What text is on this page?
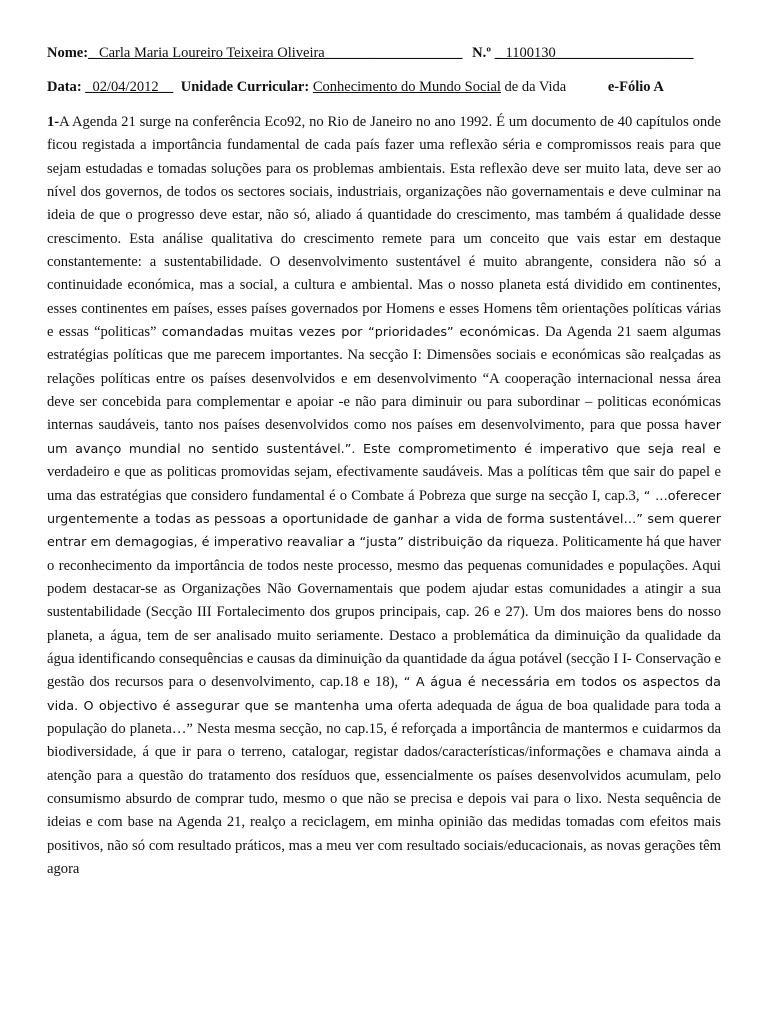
Nome:_ Carla Maria Loureiro Teixeira Oliveira___________________ N.º _ 1100130___________________
Data: _02/04/2012__ Unidade Curricular: Conhecimento do Mundo Social de da Vida	e-Fólio A
1-A Agenda 21 surge na conferência Eco92, no Rio de Janeiro no ano 1992. É um documento de 40 capítulos onde ficou registada a importância fundamental de cada país fazer uma reflexão séria e compromissos reais para que sejam estudadas e tomadas soluções para os problemas ambientais. Esta reflexão deve ser muito lata, deve ser ao nível dos governos, de todos os sectores sociais, industriais, organizações não governamentais e deve culminar na ideia de que o progresso deve estar, não só, aliado á quantidade do crescimento, mas também á qualidade desse crescimento. Esta análise qualitativa do crescimento remete para um conceito que vais estar em destaque constantemente: a sustentabilidade. O desenvolvimento sustentável é muito abrangente, considera não só a continuidade económica, mas a social, a cultura e ambiental. Mas o nosso planeta está dividido em continentes, esses continentes em países, esses países governados por Homens e esses Homens têm orientações políticas várias e essas “politicas” comandadas muitas vezes por “prioridades” económicas. Da Agenda 21 saem algumas estratégias políticas que me parecem importantes. Na secção I: Dimensões sociais e económicas são realçadas as relações políticas entre os países desenvolvidos e em desenvolvimento “A cooperação internacional nessa área deve ser concebida para complementar e apoiar -e não para diminuir ou para subordinar – politicas económicas internas saudáveis, tanto nos países desenvolvidos como nos países em desenvolvimento, para que possa haver um avanço mundial no sentido sustentável.”. Este comprometimento é imperativo que seja real e verdadeiro e que as politicas promovidas sejam, efectivamente saudáveis. Mas a políticas têm que sair do papel e uma das estratégias que considero fundamental é o Combate á Pobreza que surge na secção I, cap.3, “ …oferecer urgentemente a todas as pessoas a oportunidade de ganhar a vida de forma sustentável…” sem querer entrar em demagogias, é imperativo reavaliar a “justa” distribuição da riqueza. Politicamente há que haver o reconhecimento da importância de todos neste processo, mesmo das pequenas comunidades e populações. Aqui podem destacar-se as Organizações Não Governamentais que podem ajudar estas comunidades a atingir a sua sustentabilidade (Secção III Fortalecimento dos grupos principais, cap. 26 e 27). Um dos maiores bens do nosso planeta, a água, tem de ser analisado muito seriamente. Destaco a problemática da diminuição da qualidade da água identificando consequências e causas da diminuição da quantidade da água potável (secção I I- Conservação e gestão dos recursos para o desenvolvimento, cap.18 e 18), “ A água é necessária em todos os aspectos da vida. O objectivo é assegurar que se mantenha uma oferta adequada de água de boa qualidade para toda a população do planeta…” Nesta mesma secção, no cap.15, é reforçada a importância de mantermos e cuidarmos da biodiversidade, á que ir para o terreno, catalogar, registar dados/características/informações e chamava ainda a atenção para a questão do tratamento dos resíduos que, essencialmente os países desenvolvidos acumulam, pelo consumismo absurdo de comprar tudo, mesmo o que não se precisa e depois vai para o lixo. Nesta sequência de ideias e com base na Agenda 21, realço a reciclagem, em minha opinião das medidas tomadas com efeitos mais positivos, não só com resultado práticos, mas a meu ver com resultado sociais/educacionais, as novas gerações têm agora
